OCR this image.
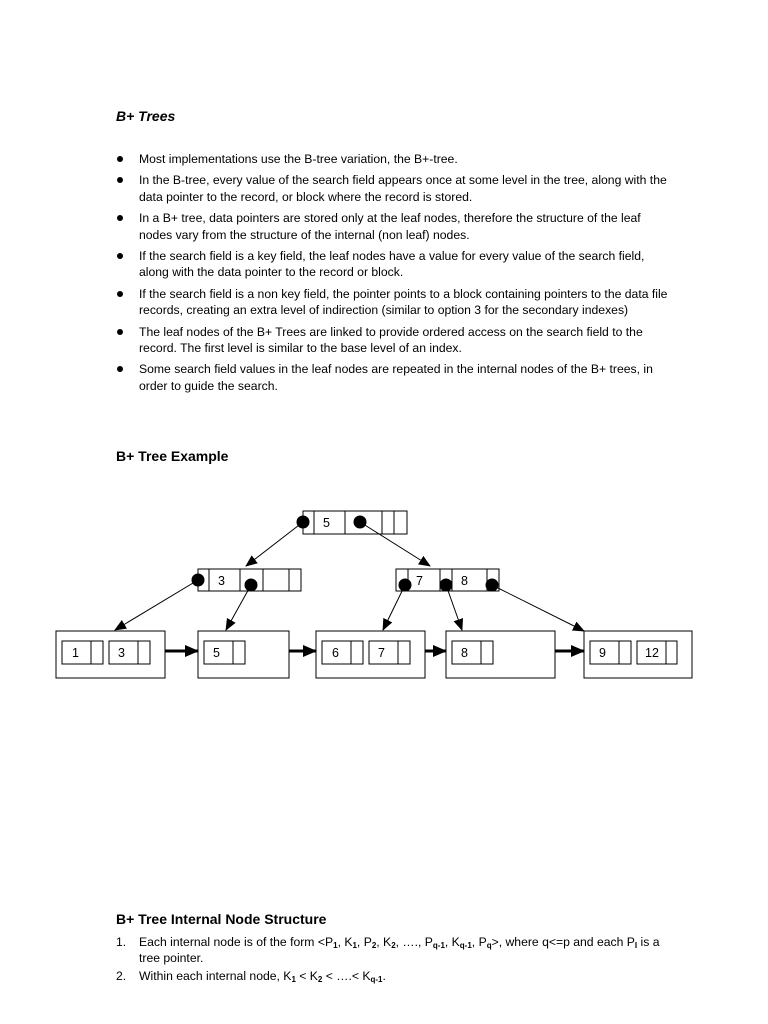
B+ Trees
Most implementations use the B-tree variation, the B+-tree.
In the B-tree, every value of the search field appears once at some level in the tree, along with the data pointer to the record, or block where the record is stored.
In a B+ tree, data pointers are stored only at the leaf nodes, therefore the structure of the leaf nodes vary from the structure of the internal (non leaf) nodes.
If the search field is a key field, the leaf nodes have a value for every value of the search field, along with the data pointer to the record or block.
If the search field is a non key field, the pointer points to a block containing pointers to the data file records, creating an extra level of indirection (similar to option 3 for the secondary indexes)
The leaf nodes of the B+ Trees are linked to provide ordered access on the search field to the record. The first level is similar to the base level of an index.
Some search field values in the leaf nodes are repeated in the internal nodes of the B+ trees, in order to guide the search.
B+ Tree Example
5
3	7	8
1	3	5	6	7	8	9	12
B+ Tree Internal Node Structure
1. Each internal node is of the form $<P_1$, $K_1$, $P_2$, $K_2$, …., $P_{q-1}$, $K_{q-1}$, $P_q>$, where q<=p and each $P_I$ is a tree pointer.
2. Within each internal node, $K_1 < K_2$ < ….< $K_{q-1}$.
